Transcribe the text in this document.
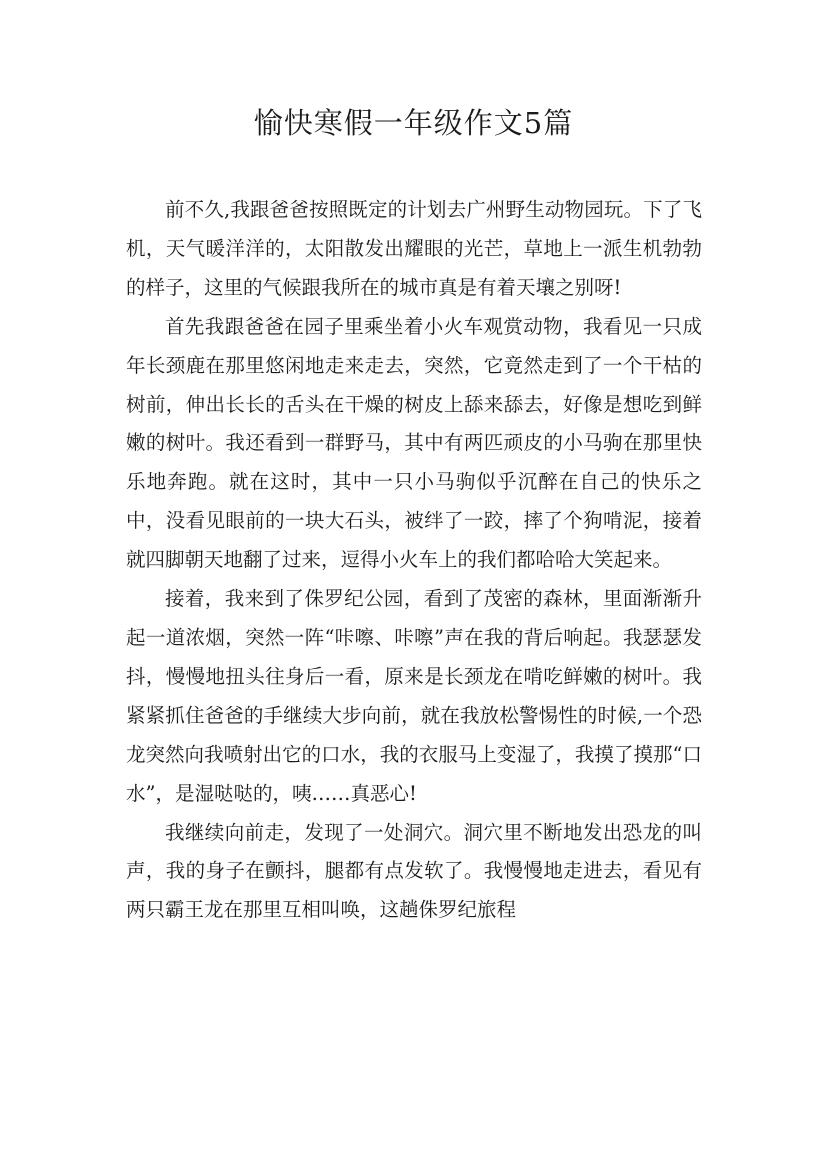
愉快寒假一年级作文5篇

前不久,我跟爸爸按照既定的计划去广州野生动物园玩。下了飞机，天气暖洋洋的，太阳散发出耀眼的光芒，草地上一派生机勃勃的样子，这里的气候跟我所在的城市真是有着天壤之别呀!

首先我跟爸爸在园子里乘坐着小火车观赏动物，我看见一只成年长颈鹿在那里悠闲地走来走去，突然，它竟然走到了一个干枯的树前，伸出长长的舌头在干燥的树皮上舔来舔去，好像是想吃到鲜嫩的树叶。我还看到一群野马，其中有两匹顽皮的小马驹在那里快乐地奔跑。就在这时，其中一只小马驹似乎沉醉在自己的快乐之中，没看见眼前的一块大石头，被绊了一跤，摔了个狗啃泥，接着就四脚朝天地翻了过来，逗得小火车上的我们都哈哈大笑起来。

接着，我来到了侏罗纪公园，看到了茂密的森林，里面渐渐升起一道浓烟，突然一阵“咔嚓、咔嚓”声在我的背后响起。我瑟瑟发抖，慢慢地扭头往身后一看，原来是长颈龙在啃吃鲜嫩的树叶。我紧紧抓住爸爸的手继续大步向前，就在我放松警惕性的时候,一个恐龙突然向我喷射出它的口水，我的衣服马上变湿了，我摸了摸那“口水”，是湿哒哒的，咦……真恶心!

我继续向前走，发现了一处洞穴。洞穴里不断地发出恐龙的叫声，我的身子在颤抖，腿都有点发软了。我慢慢地走进去，看见有两只霸王龙在那里互相叫唤，这趟侏罗纪旅程
